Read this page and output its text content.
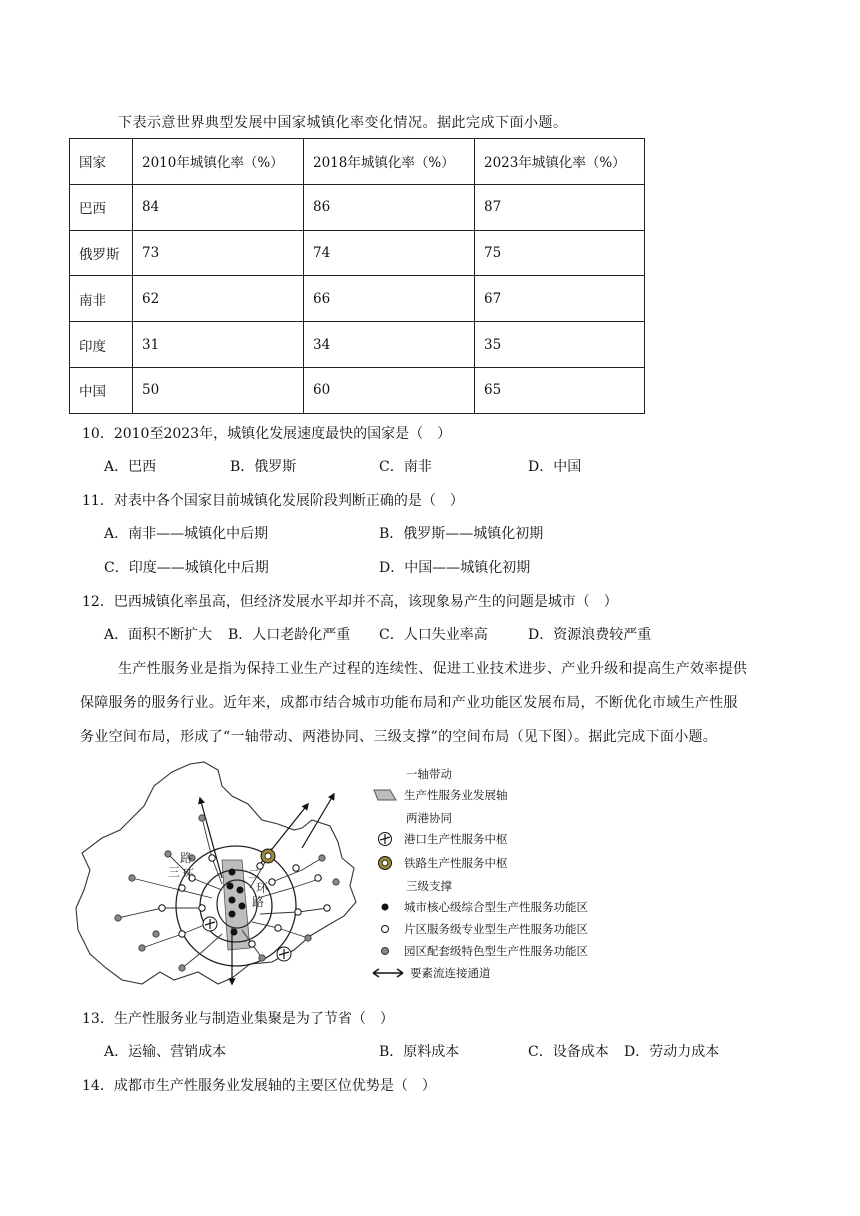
下表示意世界典型发展中国家城镇化率变化情况。据此完成下面小题。
国家	2010年城镇化率（%）	2018年城镇化率（%）	2023年城镇化率（%）
巴西	84	86	87
俄罗斯	73	74	75
南非	62	66	67
印度	31	34	35
中国	50	60	65
10．2010至2023年，城镇化发展速度最快的国家是（　）
A．巴西	B．俄罗斯	C．南非	D．中国
11．对表中各个国家目前城镇化发展阶段判断正确的是（　）
A．南非——城镇化中后期	B．俄罗斯——城镇化初期
C．印度——城镇化中后期	D．中国——城镇化初期
12．巴西城镇化率虽高，但经济发展水平却并不高，该现象易产生的问题是城市（　）
A．面积不断扩大 B．人口老龄化严重 C．人口失业率高	D．资源浪费较严重
生产性服务业是指为保持工业生产过程的连续性、促进工业技术进步、产业升级和提高生产效率提供
保障服务的服务行业。近年来，成都市结合城市功能布局和产业功能区发展布局，不断优化市域生产性服
务业空间布局，形成了“一轴带动、两港协同、三级支撑”的空间布局（见下图）。据此完成下面小题。
环
路
三	二
环
路
一轴带动
生产性服务业发展轴
两港协同
港口生产性服务中枢
铁路生产性服务中枢
三级支撑
城市核心级综合型生产性服务功能区
片区服务级专业型生产性服务功能区
园区配套级特色型生产性服务功能区
要素流连接通道
13．生产性服务业与制造业集聚是为了节省（　）
A．运输、营销成本	B．原料成本	C．设备成本 D．劳动力成本
14．成都市生产性服务业发展轴的主要区位优势是（　）
